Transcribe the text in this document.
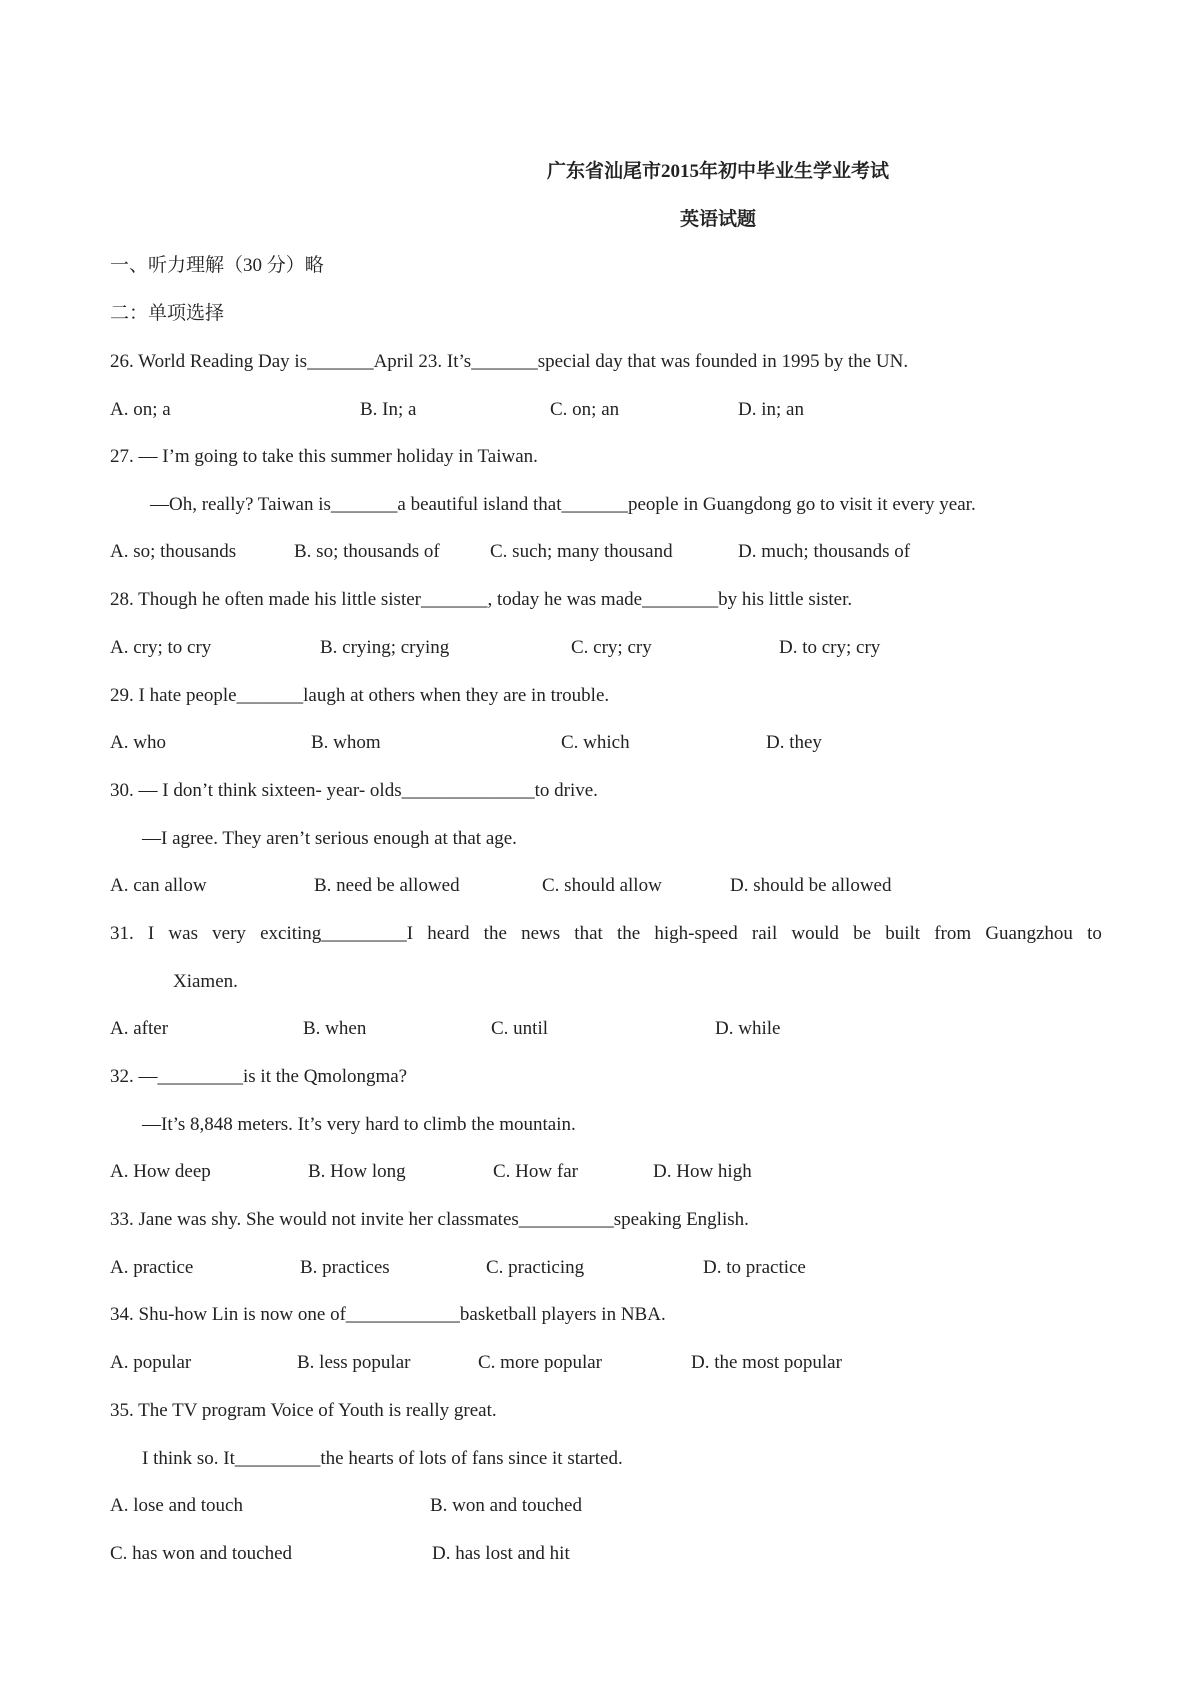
广东省汕尾市2015年初中毕业生学业考试
英语试题
一、听力理解（30 分）略
二：单项选择
26. World Reading Day is_______April 23. It’s_______special day that was founded in 1995 by the UN.
A. on; a	B. In; a	C. on; an	D. in; an
27. — I’m going to take this summer holiday in Taiwan.
—Oh, really? Taiwan is_______a beautiful island that_______people in Guangdong go to visit it every year.
A. so; thousands	B. so; thousands of	C. such; many thousand	D. much; thousands of
28. Though he often made his little sister_______, today he was made________by his little sister.
A. cry; to cry	B. crying; crying	C. cry; cry	D. to cry; cry
29. I hate people_______laugh at others when they are in trouble.
A. who	B. whom	C. which	D. they
30. — I don’t think sixteen- year- olds______________to drive.
—I agree. They aren’t serious enough at that age.
A. can allow	B. need be allowed	C. should allow	D. should be allowed
31. I was very exciting_________I heard the news that the high-speed rail would be built from Guangzhou to
Xiamen.
A. after	B. when	C. until	D. while
32. —_________is it the Qmolongma?
—It’s 8,848 meters. It’s very hard to climb the mountain.
A. How deep	B. How long	C. How far	D. How high
33. Jane was shy. She would not invite her classmates__________speaking English.
A. practice	B. practices	C. practicing	D. to practice
34. Shu-how Lin is now one of____________basketball players in NBA.
A. popular	B. less popular	C. more popular	D. the most popular
35. The TV program Voice of Youth is really great.
I think so. It_________the hearts of lots of fans since it started.
A. lose and touch	B. won and touched
C. has won and touched	D. has lost and hit
